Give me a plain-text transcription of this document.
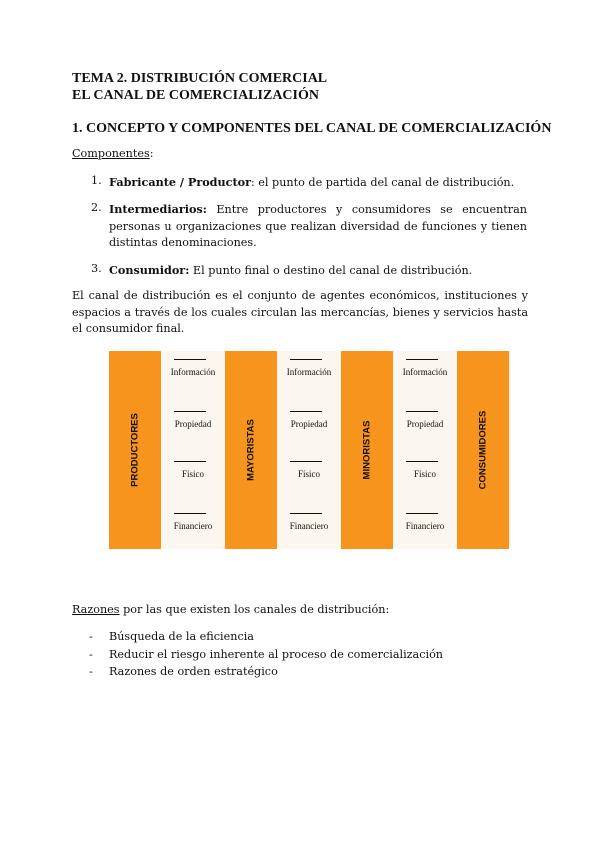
TEMA 2. DISTRIBUCIÓN COMERCIAL
EL CANAL DE COMERCIALIZACIÓN
1. CONCEPTO Y COMPONENTES DEL CANAL DE COMERCIALIZACIÓN
Componentes:
1. Fabricante / Productor: el punto de partida del canal de distribución.
2. Intermediarios: Entre productores y consumidores se encuentran personas u organizaciones que realizan diversidad de funciones y tienen distintas denominaciones.
3. Consumidor: El punto final o destino del canal de distribución.
El canal de distribución es el conjunto de agentes económicos, instituciones y espacios a través de los cuales circulan las mercancías, bienes y servicios hasta el consumidor final.
PRODUCTORES	MAYORISTAS	MINORISTAS	CONSUMIDORES
Información
Propiedad
Físico
Financiero
Información
Propiedad
Físico
Financiero
Información
Propiedad
Físico
Financiero
Razones por las que existen los canales de distribución:
- Búsqueda de la eficiencia
- Reducir el riesgo inherente al proceso de comercialización
- Razones de orden estratégico
